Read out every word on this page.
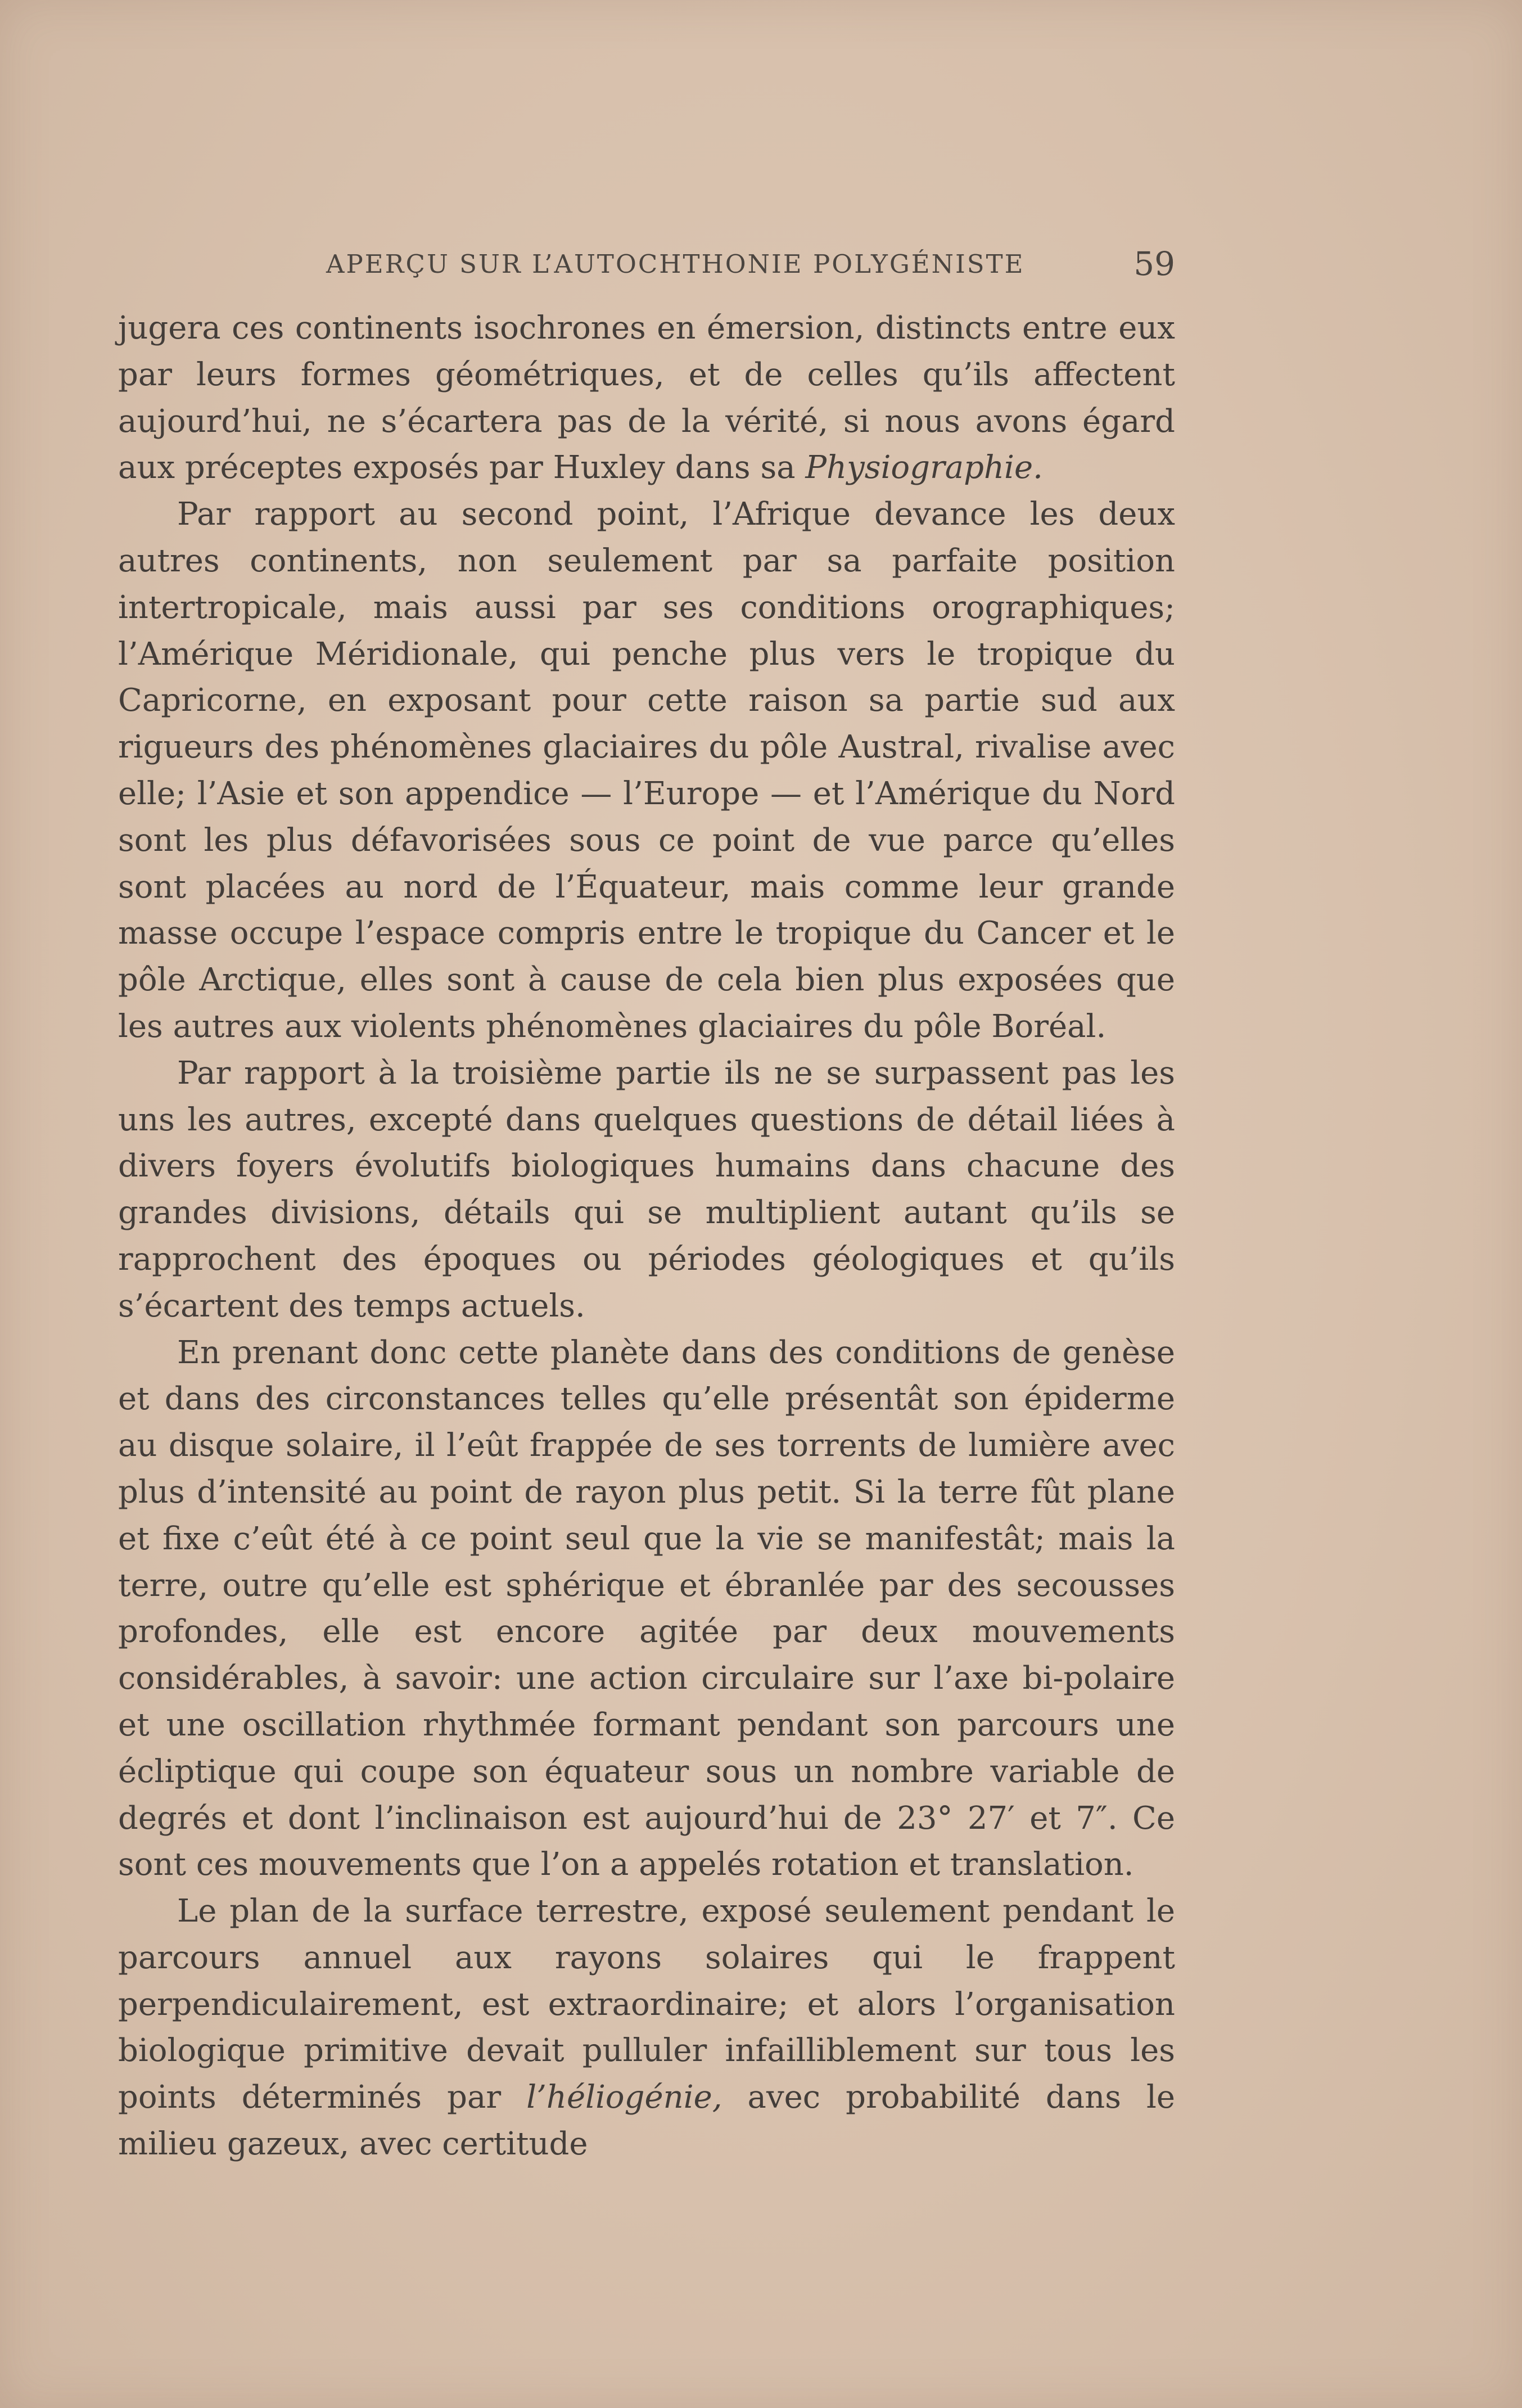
APERÇU SUR L’AUTOCHTHONIE POLYGÉNISTE	59

jugera ces continents isochrones en émersion, distincts entre eux par leurs formes géométriques, et de celles qu’ils affectent aujourd’hui, ne s’écartera pas de la vérité, si nous avons égard aux préceptes exposés par Huxley dans sa Physiographie.

Par rapport au second point, l’Afrique devance les deux autres continents, non seulement par sa parfaite position intertropicale, mais aussi par ses conditions orographiques; l’Amérique Méridionale, qui penche plus vers le tropique du Capricorne, en exposant pour cette raison sa partie sud aux rigueurs des phénomènes glaciaires du pôle Austral, rivalise avec elle; l’Asie et son appendice — l’Europe — et l’Amérique du Nord sont les plus défavorisées sous ce point de vue parce qu’elles sont placées au nord de l’Équateur, mais comme leur grande masse occupe l’espace compris entre le tropique du Cancer et le pôle Arctique, elles sont à cause de cela bien plus exposées que les autres aux violents phénomènes glaciaires du pôle Boréal.

Par rapport à la troisième partie ils ne se surpassent pas les uns les autres, excepté dans quelques questions de détail liées à divers foyers évolutifs biologiques humains dans chacune des grandes divisions, détails qui se multiplient autant qu’ils se rapprochent des époques ou périodes géologiques et qu’ils s’écartent des temps actuels.

En prenant donc cette planète dans des conditions de genèse et dans des circonstances telles qu’elle présentât son épiderme au disque solaire, il l’eût frappée de ses torrents de lumière avec plus d’intensité au point de rayon plus petit. Si la terre fût plane et fixe c’eût été à ce point seul que la vie se manifestât; mais la terre, outre qu’elle est sphérique et ébranlée par des secousses profondes, elle est encore agitée par deux mouvements considérables, à savoir: une action circulaire sur l’axe bi-polaire et une oscillation rhythmée formant pendant son parcours une écliptique qui coupe son équateur sous un nombre variable de degrés et dont l’inclinaison est aujourd’hui de 23° 27′ et 7″. Ce sont ces mouvements que l’on a appelés rotation et translation.

Le plan de la surface terrestre, exposé seulement pendant le parcours annuel aux rayons solaires qui le frappent perpendiculairement, est extraordinaire; et alors l’organisation biologique primitive devait pulluler infailliblement sur tous les points déterminés par l’héliogénie, avec probabilité dans le milieu gazeux, avec certitude
